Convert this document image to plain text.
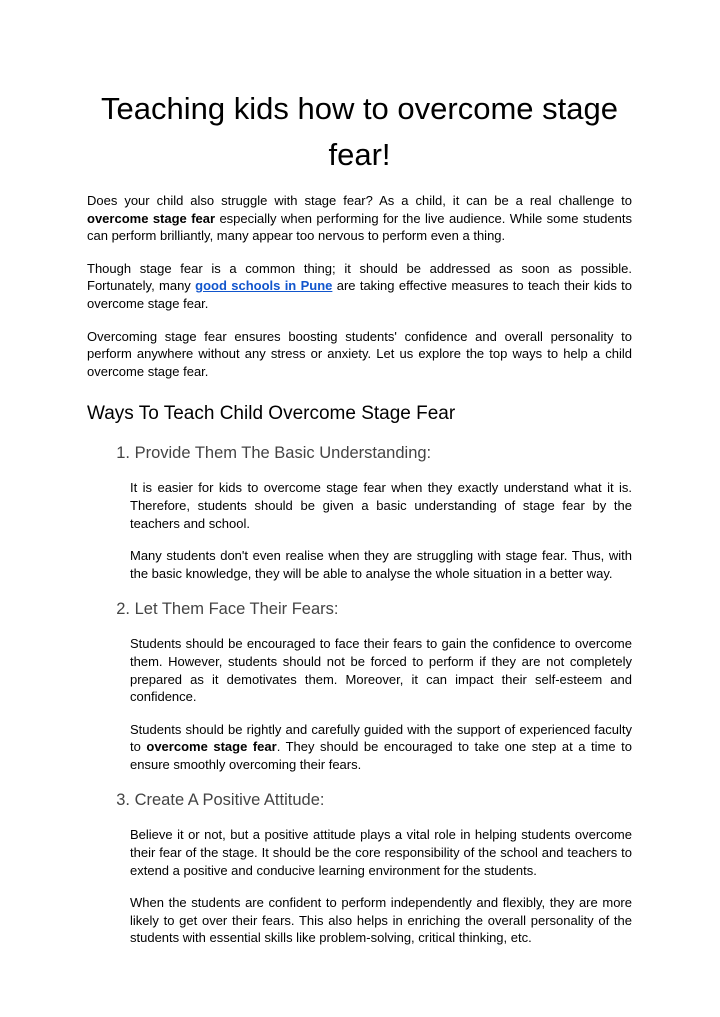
Teaching kids how to overcome stage fear!

Does your child also struggle with stage fear? As a child, it can be a real challenge to overcome stage fear especially when performing for the live audience. While some students can perform brilliantly, many appear too nervous to perform even a thing.

Though stage fear is a common thing; it should be addressed as soon as possible. Fortunately, many good schools in Pune are taking effective measures to teach their kids to overcome stage fear.

Overcoming stage fear ensures boosting students' confidence and overall personality to perform anywhere without any stress or anxiety. Let us explore the top ways to help a child overcome stage fear.

Ways To Teach Child Overcome Stage Fear
1. Provide Them The Basic Understanding:

It is easier for kids to overcome stage fear when they exactly understand what it is. Therefore, students should be given a basic understanding of stage fear by the teachers and school.

Many students don't even realise when they are struggling with stage fear. Thus, with the basic knowledge, they will be able to analyse the whole situation in a better way.

2. Let Them Face Their Fears:

Students should be encouraged to face their fears to gain the confidence to overcome them. However, students should not be forced to perform if they are not completely prepared as it demotivates them. Moreover, it can impact their self-esteem and confidence.

Students should be rightly and carefully guided with the support of experienced faculty to overcome stage fear. They should be encouraged to take one step at a time to ensure smoothly overcoming their fears.

3. Create A Positive Attitude:

Believe it or not, but a positive attitude plays a vital role in helping students overcome their fear of the stage. It should be the core responsibility of the school and teachers to extend a positive and conducive learning environment for the students.

When the students are confident to perform independently and flexibly, they are more likely to get over their fears. This also helps in enriching the overall personality of the students with essential skills like problem-solving, critical thinking, etc.
